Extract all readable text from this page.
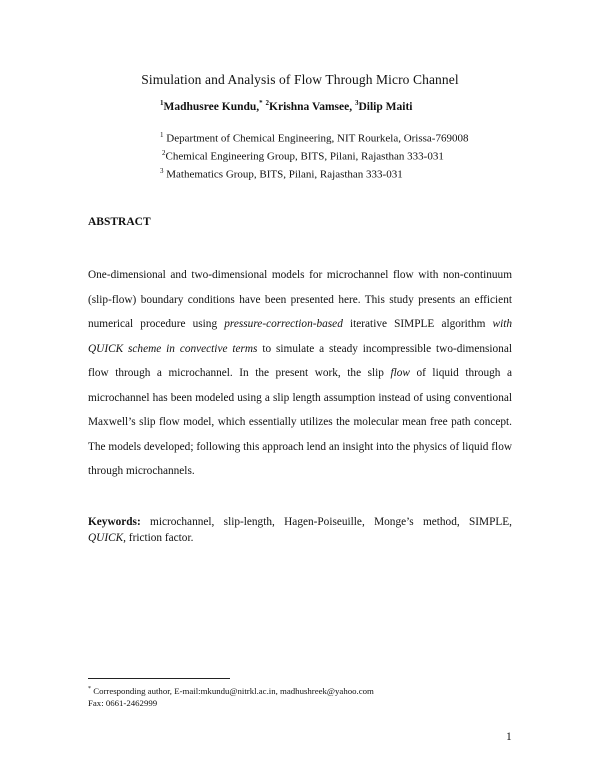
Simulation and Analysis of Flow Through Micro Channel
$^1$Madhusree Kundu,* $^2$Krishna Vamsee, $^3$Dilip Maiti
$^1$ Department of Chemical Engineering, NIT Rourkela, Orissa-769008
$^2$Chemical Engineering Group, BITS, Pilani, Rajasthan 333-031
$^3$ Mathematics Group, BITS, Pilani, Rajasthan 333-031
ABSTRACT
One-dimensional and two-dimensional models for microchannel flow with non-continuum (slip-flow) boundary conditions have been presented here. This study presents an efficient numerical procedure using pressure-correction-based iterative SIMPLE algorithm with QUICK scheme in convective terms to simulate a steady incompressible two-dimensional flow through a microchannel. In the present work, the slip flow of liquid through a microchannel has been modeled using a slip length assumption instead of using conventional Maxwell’s slip flow model, which essentially utilizes the molecular mean free path concept. The models developed; following this approach lend an insight into the physics of liquid flow through microchannels.
Keywords: microchannel, slip-length, Hagen-Poiseuille, Monge’s method, SIMPLE, QUICK, friction factor.
* Corresponding author, E-mail:mkundu@nitrkl.ac.in, madhushreek@yahoo.com
Fax: 0661-2462999
1
